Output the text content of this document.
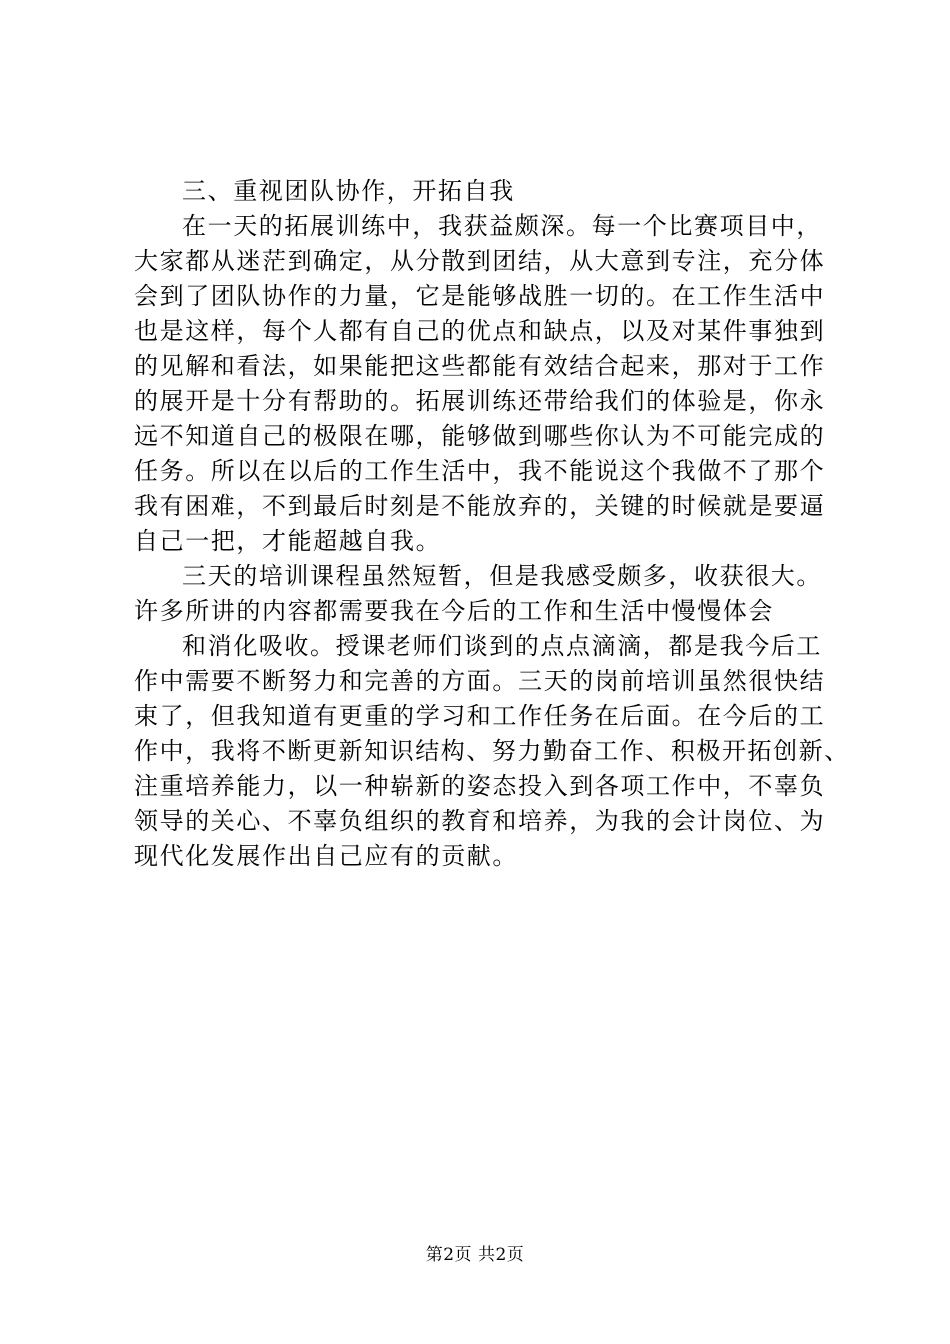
三、重视团队协作，开拓自我
在一天的拓展训练中，我获益颇深。每一个比赛项目中，
大家都从迷茫到确定，从分散到团结，从大意到专注，充分体
会到了团队协作的力量，它是能够战胜一切的。在工作生活中
也是这样，每个人都有自己的优点和缺点，以及对某件事独到
的见解和看法，如果能把这些都能有效结合起来，那对于工作
的展开是十分有帮助的。拓展训练还带给我们的体验是，你永
远不知道自己的极限在哪，能够做到哪些你认为不可能完成的
任务。所以在以后的工作生活中，我不能说这个我做不了那个
我有困难，不到最后时刻是不能放弃的，关键的时候就是要逼
自己一把，才能超越自我。
三天的培训课程虽然短暂，但是我感受颇多，收获很大。
许多所讲的内容都需要我在今后的工作和生活中慢慢体会
和消化吸收。授课老师们谈到的点点滴滴，都是我今后工
作中需要不断努力和完善的方面。三天的岗前培训虽然很快结
束了，但我知道有更重的学习和工作任务在后面。在今后的工
作中，我将不断更新知识结构、努力勤奋工作、积极开拓创新、
注重培养能力，以一种崭新的姿态投入到各项工作中，不辜负
领导的关心、不辜负组织的教育和培养，为我的会计岗位、为
现代化发展作出自己应有的贡献。
第2页 共2页
